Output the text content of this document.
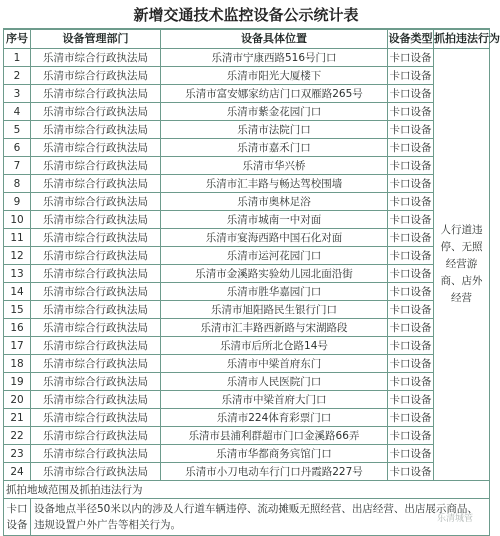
新增交通技术监控设备公示统计表
序号	设备管理部门	设备具体位置	设备类型	抓拍违法行为
1	乐清市综合行政执法局	乐清市宁康西路516号门口	卡口设备	人行道违停、无照经营游商、店外经营
2	乐清市综合行政执法局	乐清市阳光大厦楼下	卡口设备	
3	乐清市综合行政执法局	乐清市富安娜家纺店门口双雁路265号	卡口设备	
4	乐清市综合行政执法局	乐清市紫金花园门口	卡口设备	
5	乐清市综合行政执法局	乐清市法院门口	卡口设备	
6	乐清市综合行政执法局	乐清市嘉禾门口	卡口设备	
7	乐清市综合行政执法局	乐清市华兴桥	卡口设备	
8	乐清市综合行政执法局	乐清市汇丰路与畅达驾校围墙	卡口设备	
9	乐清市综合行政执法局	乐清市奥林足浴	卡口设备	
10	乐清市综合行政执法局	乐清市城南一中对面	卡口设备	
11	乐清市综合行政执法局	乐清市宴海西路中国石化对面	卡口设备	
12	乐清市综合行政执法局	乐清市运河花园门口	卡口设备	
13	乐清市综合行政执法局	乐清市金溪路实验幼儿园北面沿街	卡口设备	
14	乐清市综合行政执法局	乐清市胜华嘉园门口	卡口设备	
15	乐清市综合行政执法局	乐清市旭阳路民生银行门口	卡口设备	
16	乐清市综合行政执法局	乐清市汇丰路西新路与宋湖路段	卡口设备	
17	乐清市综合行政执法局	乐清市后所北仓路14号	卡口设备	
18	乐清市综合行政执法局	乐清市中梁首府东门	卡口设备	
19	乐清市综合行政执法局	乐清市人民医院门口	卡口设备	
20	乐清市综合行政执法局	乐清市中梁首府大门口	卡口设备	
21	乐清市综合行政执法局	乐清市224体育彩票门口	卡口设备	
22	乐清市综合行政执法局	乐清市县浦利群超市门口金溪路66弄	卡口设备	
23	乐清市综合行政执法局	乐清市华都商务宾馆门口	卡口设备	
24	乐清市综合行政执法局	乐清市小刀电动车行门口丹霞路227号	卡口设备	
抓拍地域范围及抓拍违法行为				
卡口设备	设备地点半径50米以内的涉及人行道车辆违停、流动摊贩无照经营、出店经营、出店展示商品、违规设置户外广告等相关行为。				乐清城管
